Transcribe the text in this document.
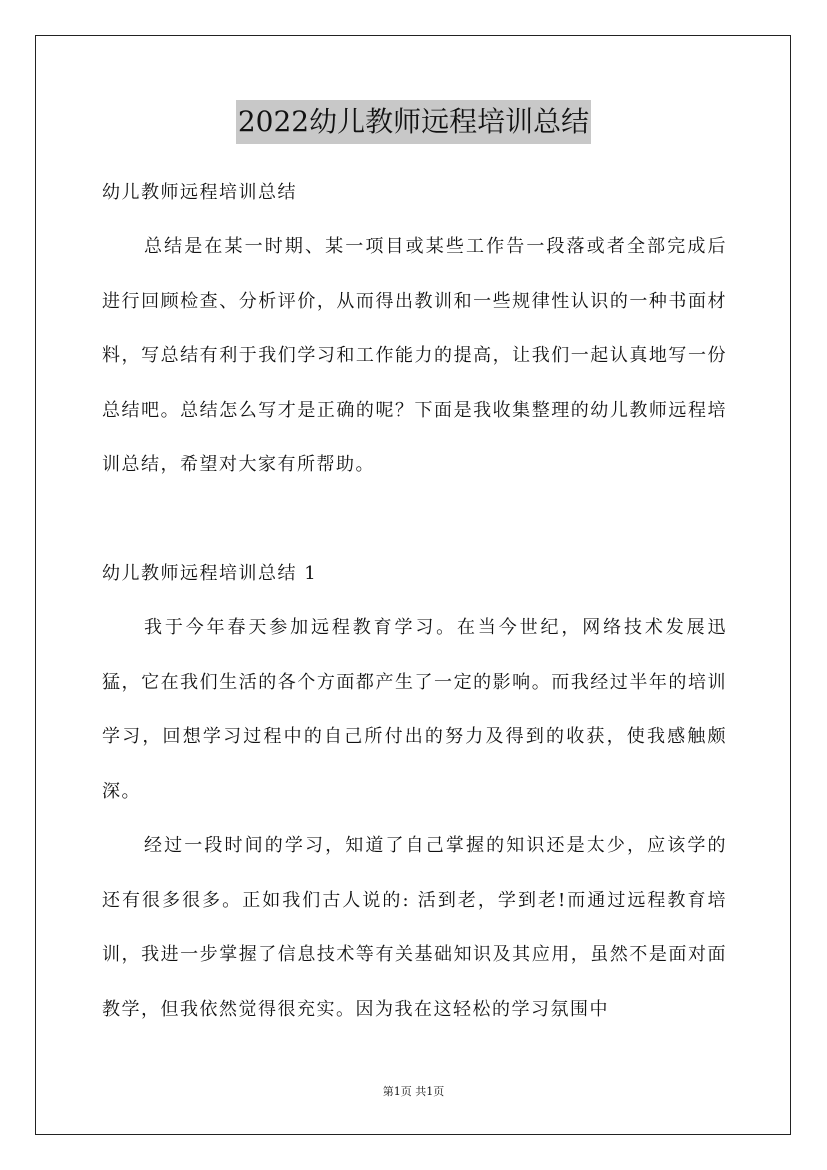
2022幼儿教师远程培训总结

幼儿教师远程培训总结

总结是在某一时期、某一项目或某些工作告一段落或者全部完成后进行回顾检查、分析评价，从而得出教训和一些规律性认识的一种书面材料，写总结有利于我们学习和工作能力的提高，让我们一起认真地写一份总结吧。总结怎么写才是正确的呢？下面是我收集整理的幼儿教师远程培训总结，希望对大家有所帮助。

幼儿教师远程培训总结 1

我于今年春天参加远程教育学习。在当今世纪，网络技术发展迅猛，它在我们生活的各个方面都产生了一定的影响。而我经过半年的培训学习，回想学习过程中的自己所付出的努力及得到的收获，使我感触颇深。

经过一段时间的学习，知道了自己掌握的知识还是太少，应该学的还有很多很多。正如我们古人说的: 活到老，学到老!而通过远程教育培训，我进一步掌握了信息技术等有关基础知识及其应用，虽然不是面对面教学，但我依然觉得很充实。因为我在这轻松的学习氛围中

第1页 共1页
